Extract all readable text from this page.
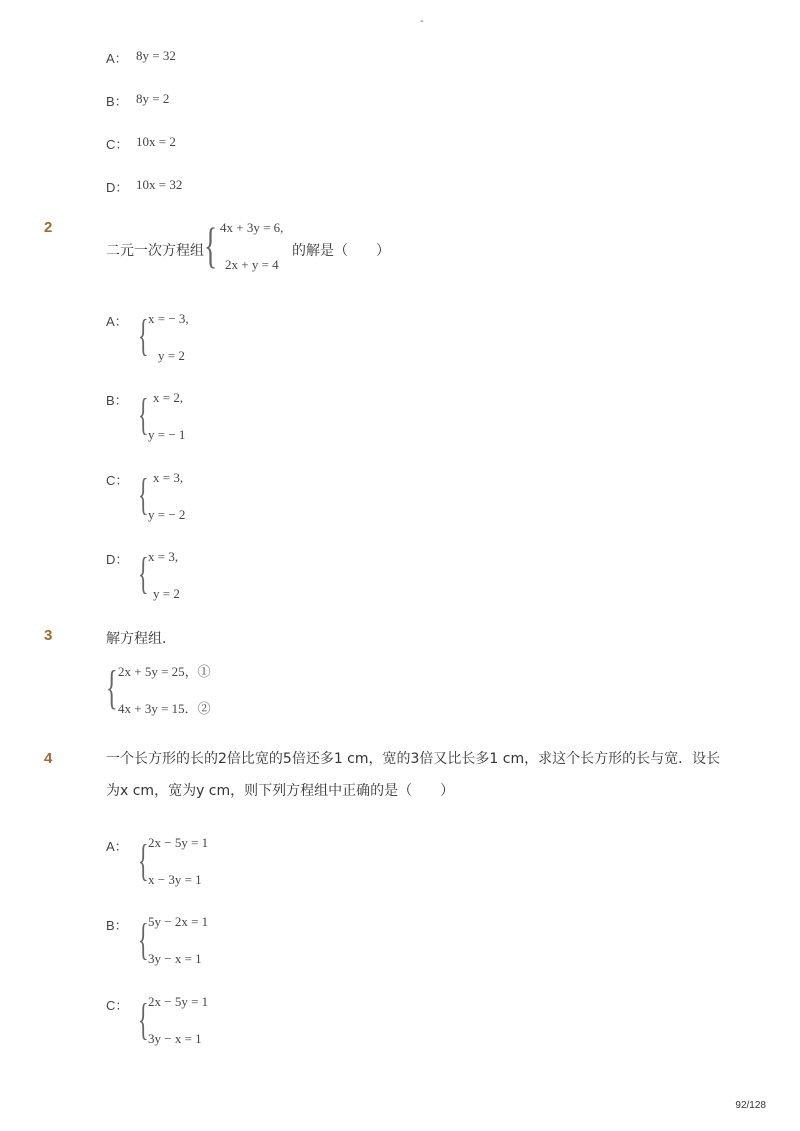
-
A： 8y = 32
B： 8y = 2
C： 10x = 2
D： 10x = 32
2
二元一次方程组 { 4x + 3y = 6,
2x + y = 4
的解是（　　）
A： { x = − 3,
y = 2
B： { x = 2,
y = − 1
C： { x = 3,
y = − 2
D： { x = 3,
y = 2
3	解方程组．
{ 2x + 5y = 25，①
4x + 3y = 15．②
4	一个长方形的长的2倍比宽的5倍还多1 cm，宽的3倍又比长多1 cm，求这个长方形的长与宽．设长为x cm，宽为y cm，则下列方程组中正确的是（　　）
A： { 2x − 5y = 1
x − 3y = 1
B： { 5y − 2x = 1
3y − x = 1
C： { 2x − 5y = 1
3y − x = 1
92/128
